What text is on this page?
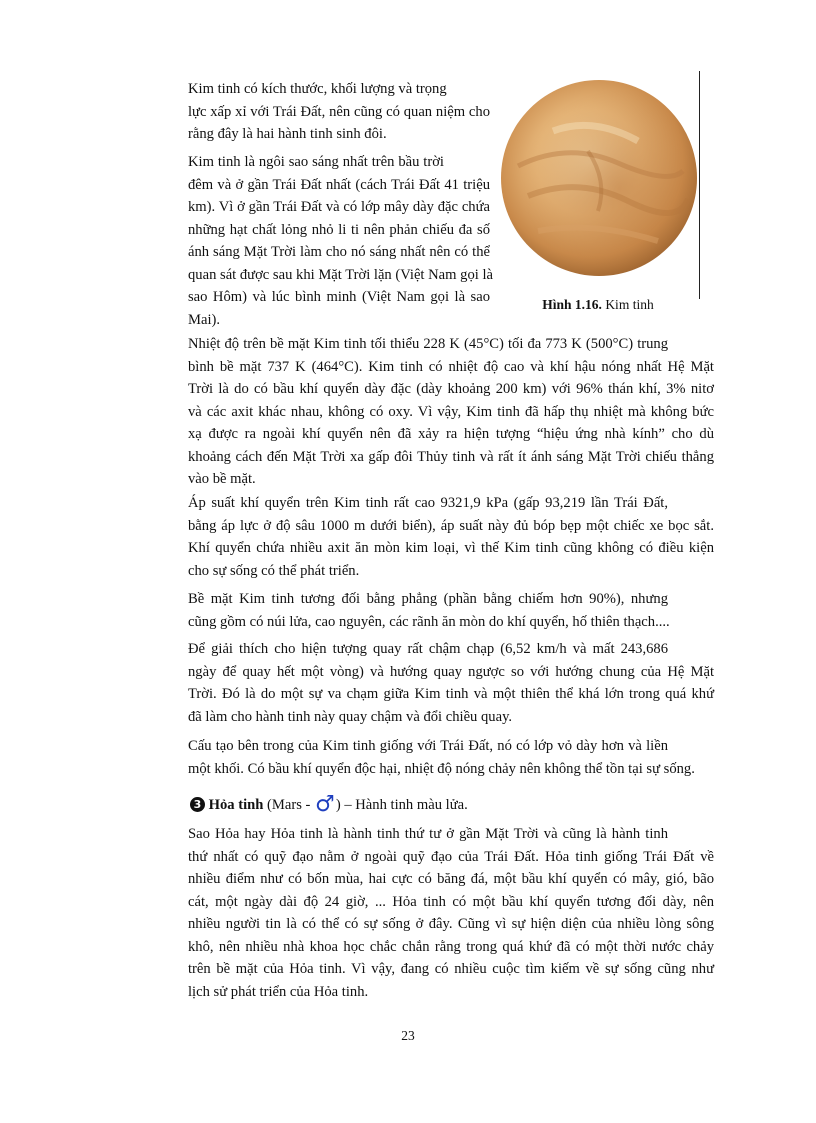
Kim tinh có kích thước, khối lượng và trọng
lực xấp xỉ với Trái Đất, nên cũng có quan niệm cho
rằng đây là hai hành tinh sinh đôi.

Kim tinh là ngôi sao sáng nhất trên bầu trời
đêm và ở gần Trái Đất nhất (cách Trái Đất 41 triệu
km). Vì ở gần Trái Đất và có lớp mây dày đặc chứa
những hạt chất lỏng nhỏ li ti nên phản chiếu đa số
ánh sáng Mặt Trời làm cho nó sáng nhất nên có thể
quan sát được sau khi Mặt Trời lặn (Việt Nam gọi là
sao Hôm) và lúc bình minh (Việt Nam gọi là sao
Mai).

Hình 1.16. Kim tinh

Nhiệt độ trên bề mặt Kim tinh tối thiểu 228 K (45°C) tối đa 773 K (500°C) trung
bình bề mặt 737 K (464°C). Kim tinh có nhiệt độ cao và khí hậu nóng nhất Hệ Mặt
Trời là do có bầu khí quyển dày đặc (dày khoảng 200 km) với 96% thán khí, 3% nitơ
và các axit khác nhau, không có oxy. Vì vậy, Kim tinh đã hấp thụ nhiệt mà không bức
xạ được ra ngoài khí quyển nên đã xảy ra hiện tượng “hiệu ứng nhà kính” cho dù
khoảng cách đến Mặt Trời xa gấp đôi Thủy tinh và rất ít ánh sáng Mặt Trời chiếu thẳng
vào bề mặt.

Áp suất khí quyển trên Kim tinh rất cao 9321,9 kPa (gấp 93,219 lần Trái Đất,
bằng áp lực ở độ sâu 1000 m dưới biển), áp suất này đủ bóp bẹp một chiếc xe bọc sắt.
Khí quyển chứa nhiều axit ăn mòn kim loại, vì thế Kim tinh cũng không có điều kiện
cho sự sống có thể phát triển.

Bề mặt Kim tinh tương đối bằng phẳng (phần bằng chiếm hơn 90%), nhưng
cũng gồm có núi lửa, cao nguyên, các rãnh ăn mòn do khí quyển, hố thiên thạch....

Để giải thích cho hiện tượng quay rất chậm chạp (6,52 km/h và mất 243,686
ngày để quay hết một vòng) và hướng quay ngược so với hướng chung của Hệ Mặt
Trời. Đó là do một sự va chạm giữa Kim tinh và một thiên thể khá lớn trong quá khứ
đã làm cho hành tinh này quay chậm và đổi chiều quay.

Cấu tạo bên trong của Kim tinh giống với Trái Đất, nó có lớp vỏ dày hơn và liền
một khối. Có bầu khí quyển độc hại, nhiệt độ nóng chảy nên không thể tồn tại sự sống.

3 Hỏa tinh (Mars - ♂) – Hành tinh màu lửa.

Sao Hỏa hay Hỏa tinh là hành tinh thứ tư ở gần Mặt Trời và cũng là hành tinh
thứ nhất có quỹ đạo nằm ở ngoài quỹ đạo của Trái Đất. Hỏa tinh giống Trái Đất về
nhiều điểm như có bốn mùa, hai cực có băng đá, một bầu khí quyển có mây, gió, bão
cát, một ngày dài độ 24 giờ, ... Hỏa tinh có một bầu khí quyển tương đối dày, nên
nhiều người tin là có thể có sự sống ở đây. Cũng vì sự hiện diện của nhiều lòng sông
khô, nên nhiều nhà khoa học chắc chắn rằng trong quá khứ đã có một thời nước chảy
trên bề mặt của Hỏa tinh. Vì vậy, đang có nhiều cuộc tìm kiếm về sự sống cũng như
lịch sử phát triển của Hỏa tinh.

23
